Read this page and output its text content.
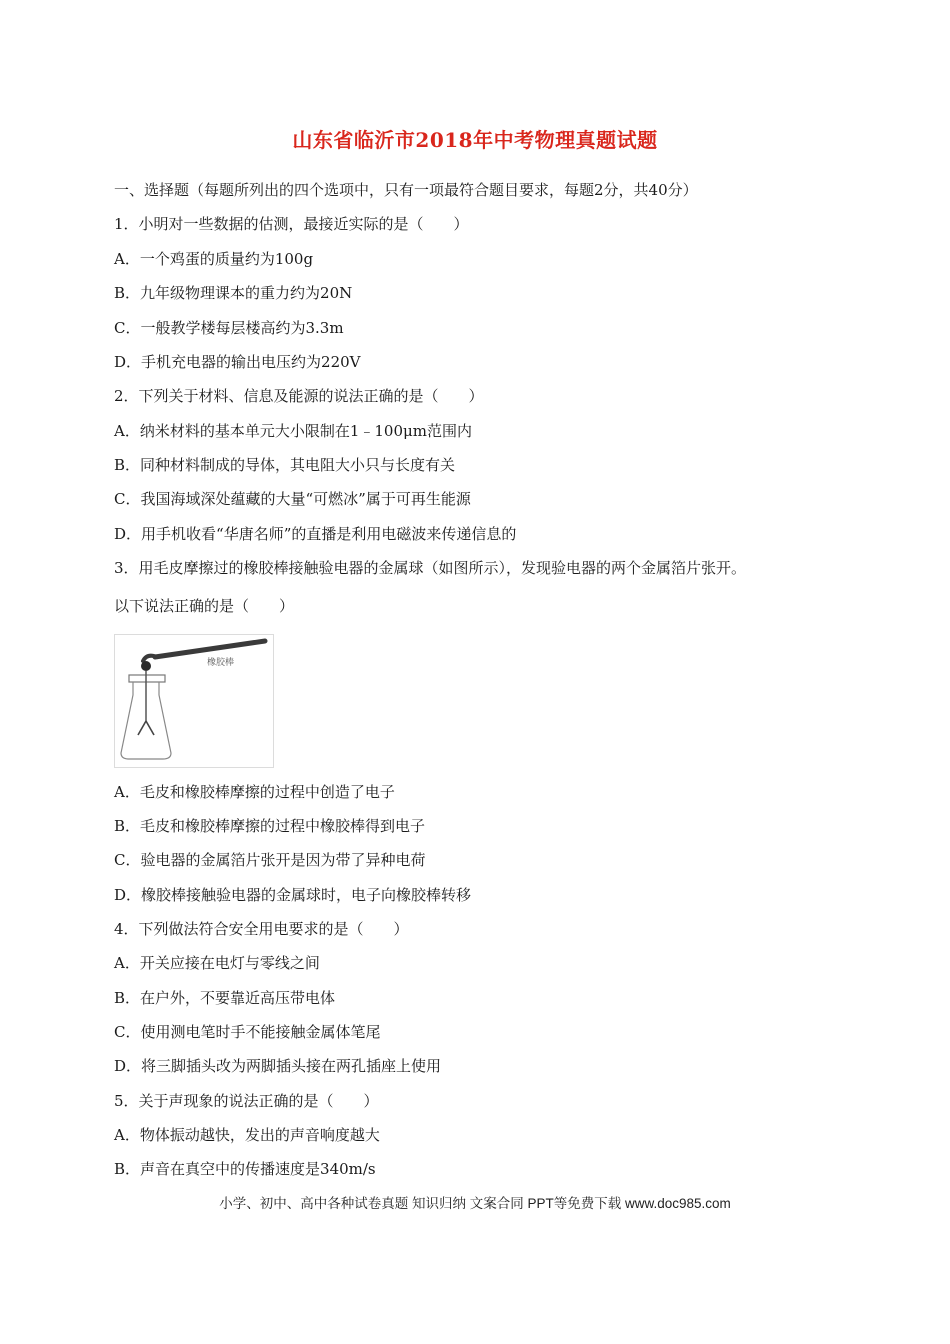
山东省临沂市2018年中考物理真题试题
一、选择题（每题所列出的四个选项中，只有一项最符合题目要求，每题2分，共40分）
1．小明对一些数据的估测，最接近实际的是（　　）
A．一个鸡蛋的质量约为100g
B．九年级物理课本的重力约为20N
C．一般教学楼每层楼高约为3.3m
D．手机充电器的输出电压约为220V
2．下列关于材料、信息及能源的说法正确的是（　　）
A．纳米材料的基本单元大小限制在1﹣100μm范围内
B．同种材料制成的导体，其电阻大小只与长度有关
C．我国海域深处蕴藏的大量“可燃冰”属于可再生能源
D．用手机收看“华唐名师”的直播是利用电磁波来传递信息的
3．用毛皮摩擦过的橡胶棒接触验电器的金属球（如图所示），发现验电器的两个金属箔片张开。
以下说法正确的是（　　）
橡胶棒
A．毛皮和橡胶棒摩擦的过程中创造了电子
B．毛皮和橡胶棒摩擦的过程中橡胶棒得到电子
C．验电器的金属箔片张开是因为带了异种电荷
D．橡胶棒接触验电器的金属球时，电子向橡胶棒转移
4．下列做法符合安全用电要求的是（　　）
A．开关应接在电灯与零线之间
B．在户外，不要靠近高压带电体
C．使用测电笔时手不能接触金属体笔尾
D．将三脚插头改为两脚插头接在两孔插座上使用
5．关于声现象的说法正确的是（　　）
A．物体振动越快，发出的声音响度越大
B．声音在真空中的传播速度是340m/s
小学、初中、高中各种试卷真题 知识归纳 文案合同 PPT等免费下载 www.doc985.com
